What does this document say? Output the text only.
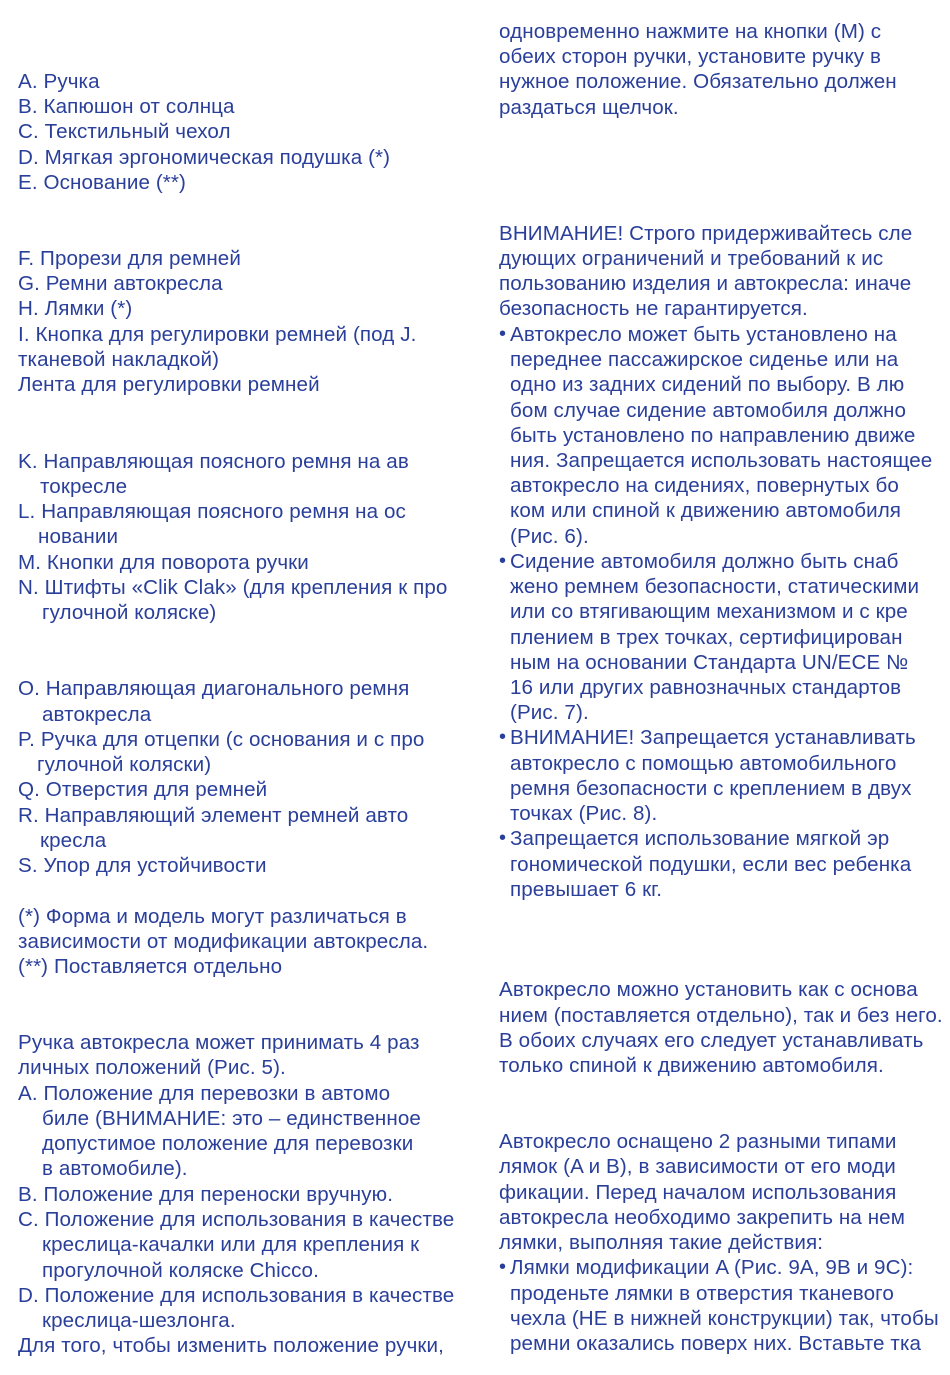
A. Ручка
B. Капюшон от солнца
C. Текстильный чехол
D. Мягкая эргономическая подушка (*)
E. Основание (**)
F. Прорези для ремней
G. Ремни автокресла
H. Лямки (*)
I. Кнопка для регулировки ремней (под J.
тканевой накладкой)
Лента для регулировки ремней
K. Направляющая поясного ремня на ав
токресле
L. Направляющая поясного ремня на ос
новании
M. Кнопки для поворота ручки
N. Штифты «Clik Clak» (для крепления к про
гулочной коляске)
O. Направляющая диагонального ремня
автокресла
P. Ручка для отцепки (с основания и с про
гулочной коляски)
Q. Отверстия для ремней
R. Направляющий элемент ремней авто
кресла
S. Упор для устойчивости
(*) Форма и модель могут различаться в
зависимости от модификации автокресла.
(**) Поставляется отдельно
Ручка автокресла может принимать 4 раз
личных положений (Рис. 5).
A. Положение для перевозки в автомо
биле (ВНИМАНИЕ: это – единственное
допустимое положение для перевозки
в автомобиле).
B. Положение для переноски вручную.
C. Положение для использования в качестве
креслица-качалки или для крепления к
прогулочной коляске Chicco.
D. Положение для использования в качестве
креслица-шезлонга.
Для того, чтобы изменить положение ручки,
одновременно нажмите на кнопки (M) с
обеих сторон ручки, установите ручку в
нужное положение. Обязательно должен
раздаться щелчок.
ВНИМАНИЕ! Строго придерживайтесь сле
дующих ограничений и требований к ис
пользованию изделия и автокресла: иначе
безопасность не гарантируется.
• Автокресло может быть установлено на
переднее пассажирское сиденье или на
одно из задних сидений по выбору. В лю
бом случае сидение автомобиля должно
быть установлено по направлению движе
ния. Запрещается использовать настоящее
автокресло на сидениях, повернутых бо
ком или спиной к движению автомобиля
(Рис. 6).
• Сидение автомобиля должно быть снаб
жено ремнем безопасности, статическими
или со втягивающим механизмом и с кре
плением в трех точках, сертифицирован
ным на основании Стандарта UN/ECE №
16 или других равнозначных стандартов
(Рис. 7).
• ВНИМАНИЕ! Запрещается устанавливать
автокресло с помощью автомобильного
ремня безопасности с креплением в двух
точках (Рис. 8).
• Запрещается использование мягкой эр
гономической подушки, если вес ребенка
превышает 6 кг.
Автокресло можно установить как с основа
нием (поставляется отдельно), так и без него.
В обоих случаях его следует устанавливать
только спиной к движению автомобиля.
Автокресло оснащено 2 разными типами
лямок (A и B), в зависимости от его моди
фикации. Перед началом использования
автокресла необходимо закрепить на нем
лямки, выполняя такие действия:
• Лямки модификации A (Рис. 9A, 9B и 9C):
проденьте лямки в отверстия тканевого
чехла (НЕ в нижней конструкции) так, чтобы
ремни оказались поверх них. Вставьте тка
